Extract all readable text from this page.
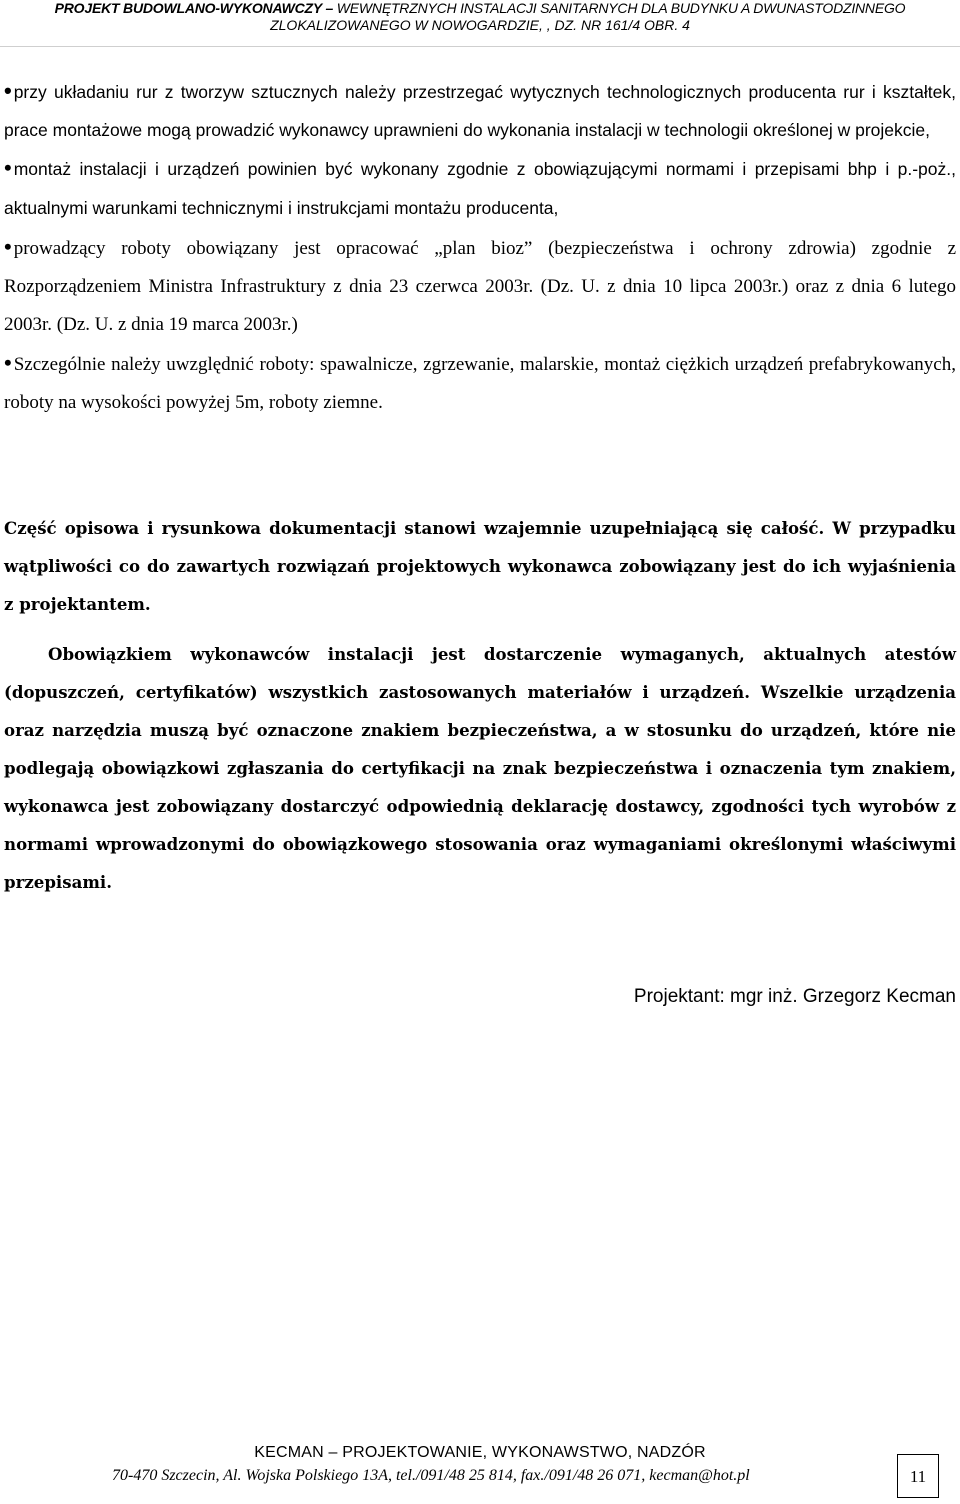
PROJEKT BUDOWLANO-WYKONAWCZY – WEWNĘTRZNYCH INSTALACJI SANITARNYCH DLA BUDYNKU A DWUNASTODZINNEGO
ZLOKALIZOWANEGO W NOWOGARDZIE, , DZ. NR 161/4 OBR. 4

• przy układaniu rur z tworzyw sztucznych należy przestrzegać wytycznych technologicznych producenta rur i kształtek, prace montażowe mogą prowadzić wykonawcy uprawnieni do wykonania instalacji w technologii określonej w projekcie,

• montaż instalacji i urządzeń powinien być wykonany zgodnie z obowiązującymi normami i przepisami bhp i p.-poż., aktualnymi warunkami technicznymi i instrukcjami montażu producenta,

• prowadzący roboty obowiązany jest opracować „plan bioz” (bezpieczeństwa i ochrony zdrowia) zgodnie z Rozporządzeniem Ministra Infrastruktury z dnia 23 czerwca 2003r. (Dz. U. z dnia 10 lipca 2003r.) oraz z dnia 6 lutego 2003r. (Dz. U. z dnia 19 marca 2003r.)

• Szczególnie należy uwzględnić roboty: spawalnicze, zgrzewanie, malarskie, montaż ciężkich urządzeń prefabrykowanych, roboty na wysokości powyżej 5m, roboty ziemne.

Część opisowa i rysunkowa dokumentacji stanowi wzajemnie uzupełniającą się całość. W przypadku wątpliwości co do zawartych rozwiązań projektowych wykonawca zobowiązany jest do ich wyjaśnienia z projektantem.
Obowiązkiem wykonawców instalacji jest dostarczenie wymaganych, aktualnych atestów (dopuszczeń, certyfikatów) wszystkich zastosowanych materiałów i urządzeń. Wszelkie urządzenia oraz narzędzia muszą być oznaczone znakiem bezpieczeństwa, a w stosunku do urządzeń, które nie podlegają obowiązkowi zgłaszania do certyfikacji na znak bezpieczeństwa i oznaczenia tym znakiem, wykonawca jest zobowiązany dostarczyć odpowiednią deklarację dostawcy, zgodności tych wyrobów z normami wprowadzonymi do obowiązkowego stosowania oraz wymaganiami określonymi właściwymi przepisami.
Projektant: mgr inż. Grzegorz Kecman
KECMAN – PROJEKTOWANIE, WYKONAWSTWO, NADZÓR
70-470 Szczecin, Al. Wojska Polskiego 13A, tel./091/48 25 814, fax./091/48 26 071, kecman@hot.pl	11
